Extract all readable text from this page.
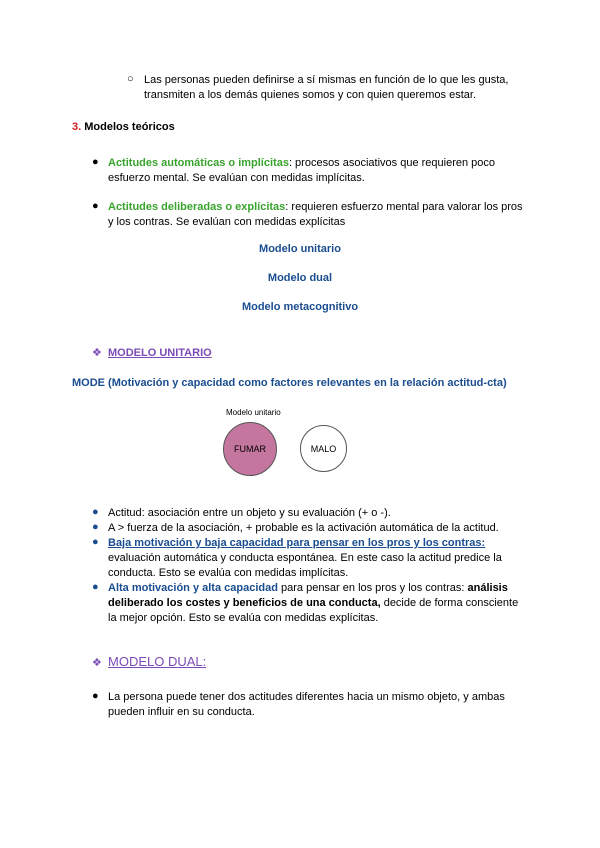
○ Las personas pueden definirse a sí mismas en función de lo que les gusta,
transmiten a los demás quienes somos y con quien queremos estar.
3. Modelos teóricos
● Actitudes automáticas o implícitas: procesos asociativos que requieren poco
esfuerzo mental. Se evalúan con medidas implícitas.
● Actitudes deliberadas o explícitas: requieren esfuerzo mental para valorar los pros
y los contras. Se evalúan con medidas explícitas
Modelo unitario
Modelo dual
Modelo metacognitivo
❖ MODELO UNITARIO
MODE (Motivación y capacidad como factores relevantes en la relación actitud-cta)
Modelo unitario
FUMAR	MALO
● Actitud: asociación entre un objeto y su evaluación (+ o -).
● A > fuerza de la asociación, + probable es la activación automática de la actitud.
● Baja motivación y baja capacidad para pensar en los pros y los contras:
evaluación automática y conducta espontánea. En este caso la actitud predice la
conducta. Esto se evalúa con medidas implícitas.
● Alta motivación y alta capacidad para pensar en los pros y los contras: análisis
deliberado los costes y beneficios de una conducta, decide de forma consciente
la mejor opción. Esto se evalúa con medidas explícitas.
❖ MODELO DUAL:
● La persona puede tener dos actitudes diferentes hacia un mismo objeto, y ambas
pueden influir en su conducta.
